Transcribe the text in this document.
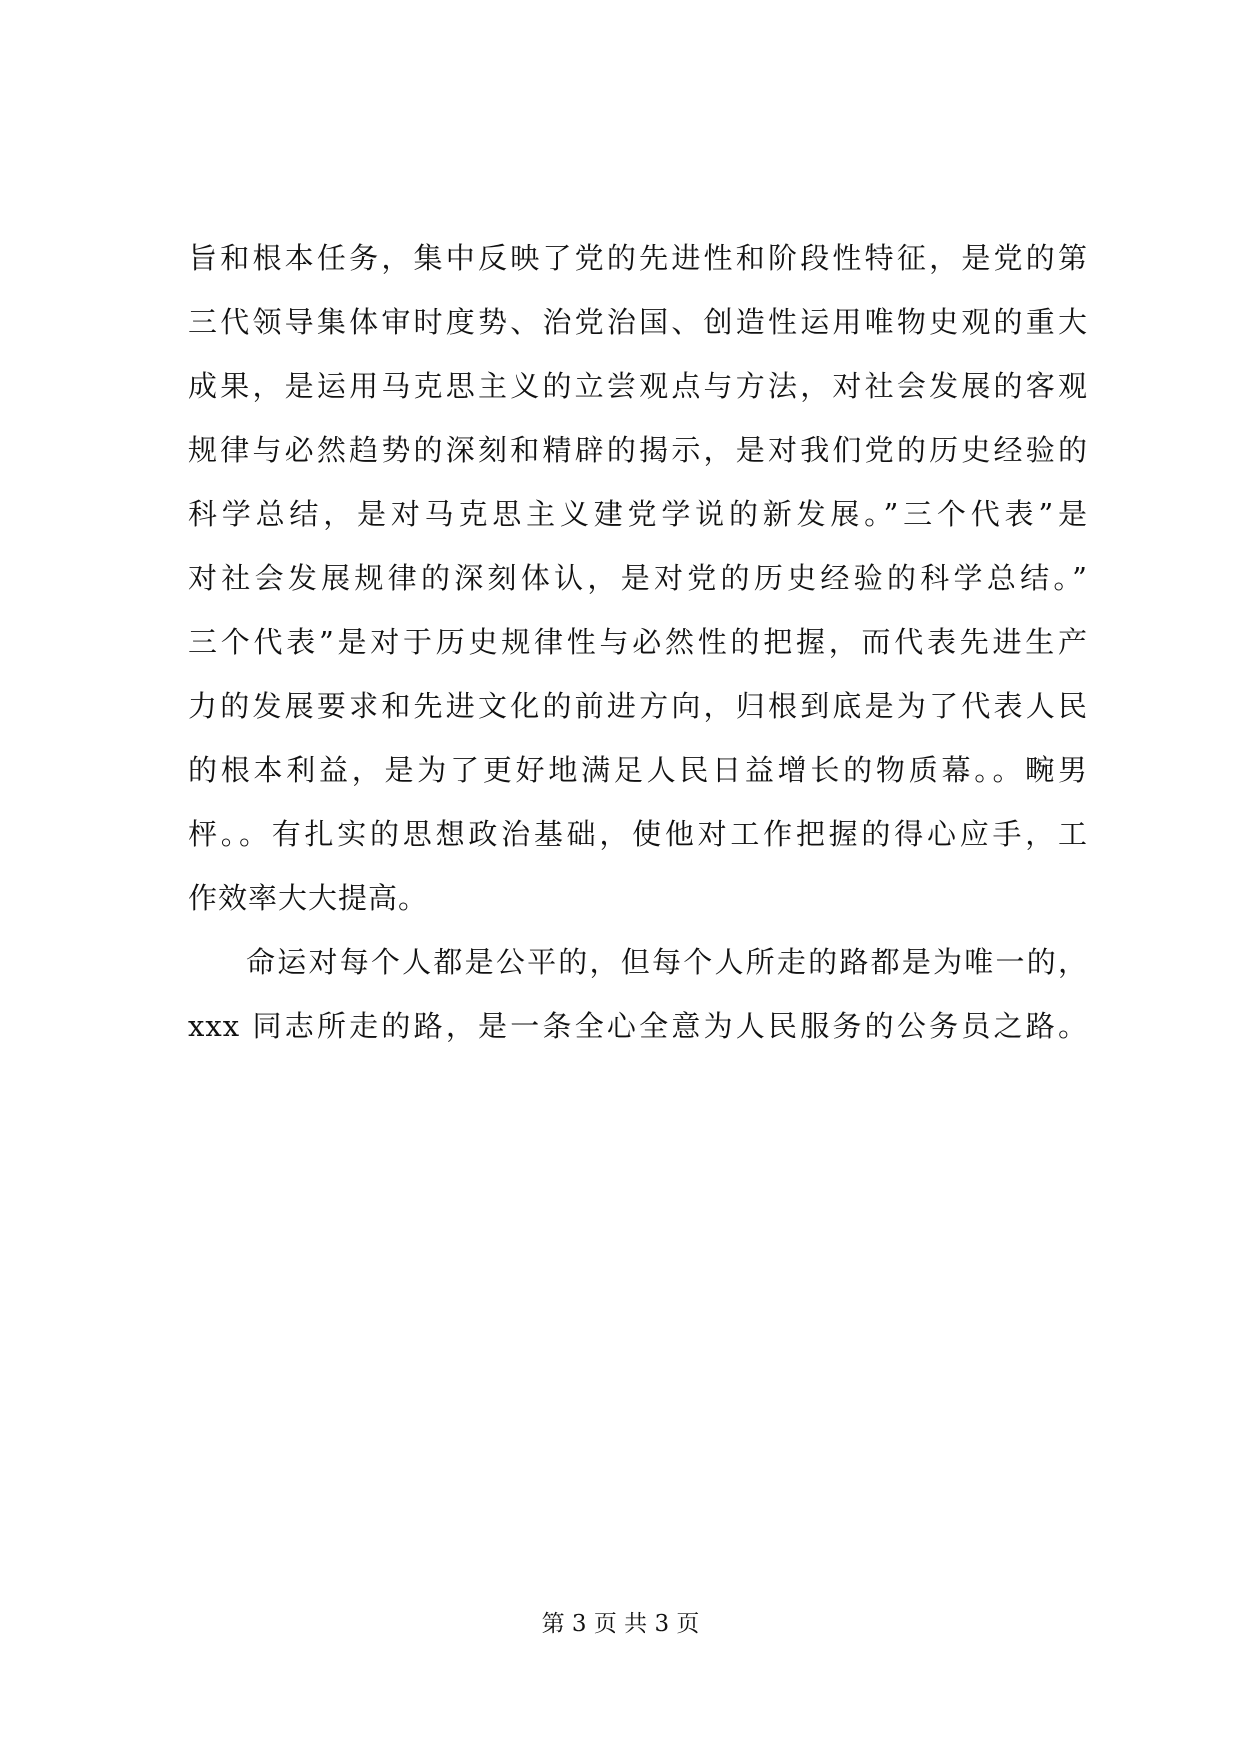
旨和根本任务，集中反映了党的先进性和阶段性特征，是党的第
三代领导集体审时度势、治党治国、创造性运用唯物史观的重大
成果，是运用马克思主义的立尝观点与方法，对社会发展的客观
规律与必然趋势的深刻和精辟的揭示，是对我们党的历史经验的
科学总结，是对马克思主义建党学说的新发展。”三个代表”是
对社会发展规律的深刻体认，是对党的历史经验的科学总结。”
三个代表”是对于历史规律性与必然性的把握，而代表先进生产
力的发展要求和先进文化的前进方向，归根到底是为了代表人民
的根本利益，是为了更好地满足人民日益增长的物质幕。。畹男
枰。。有扎实的思想政治基础，使他对工作把握的得心应手，工
作效率大大提高。
命运对每个人都是公平的，但每个人所走的路都是为唯一的，
xxx 同志所走的路，是一条全心全意为人民服务的公务员之路。
第 3 页 共 3 页
